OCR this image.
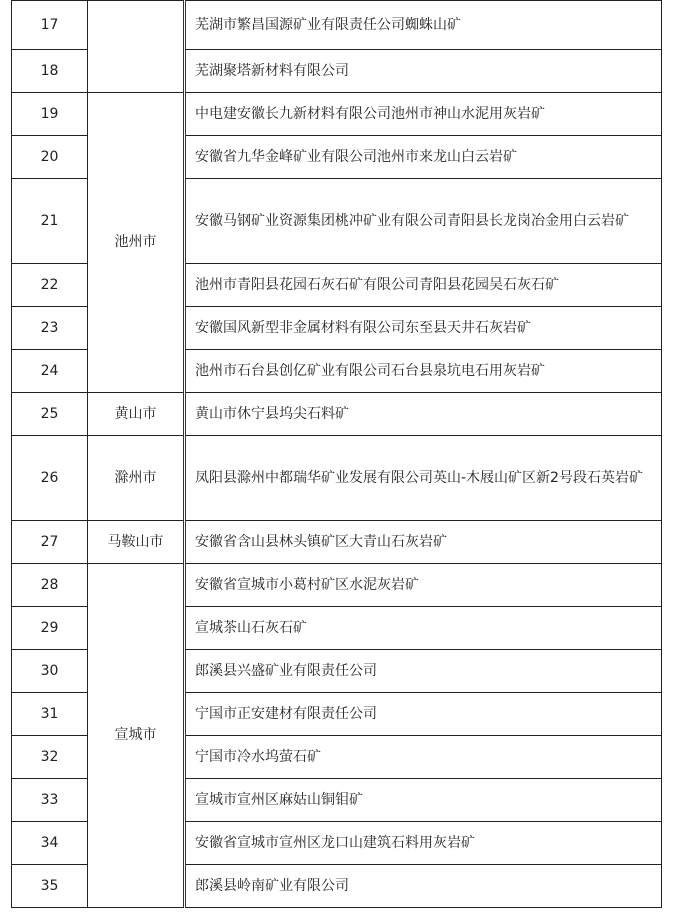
17		芜湖市繁昌国源矿业有限责任公司蜘蛛山矿
18		芜湖聚塔新材料有限公司
19	池州市	中电建安徽长九新材料有限公司池州市神山水泥用灰岩矿
20		安徽省九华金峰矿业有限公司池州市来龙山白云岩矿
21		安徽马钢矿业资源集团桃冲矿业有限公司青阳县长龙岗冶金用白云岩矿
22		池州市青阳县花园石灰石矿有限公司青阳县花园吴石灰石矿
23		安徽国风新型非金属材料有限公司东至县天井石灰岩矿
24		池州市石台县创亿矿业有限公司石台县泉坑电石用灰岩矿
25	黄山市	黄山市休宁县坞尖石料矿
26	滁州市	凤阳县滁州中都瑞华矿业发展有限公司英山-木屐山矿区新2号段石英岩矿
27	马鞍山市	安徽省含山县林头镇矿区大青山石灰岩矿
28	宣城市	安徽省宣城市小葛村矿区水泥灰岩矿
29		宣城茶山石灰石矿
30		郎溪县兴盛矿业有限责任公司
31		宁国市正安建材有限责任公司
32		宁国市冷水坞萤石矿
33		宣城市宣州区麻姑山铜钼矿
34		安徽省宣城市宣州区龙口山建筑石料用灰岩矿
35		郎溪县岭南矿业有限公司
